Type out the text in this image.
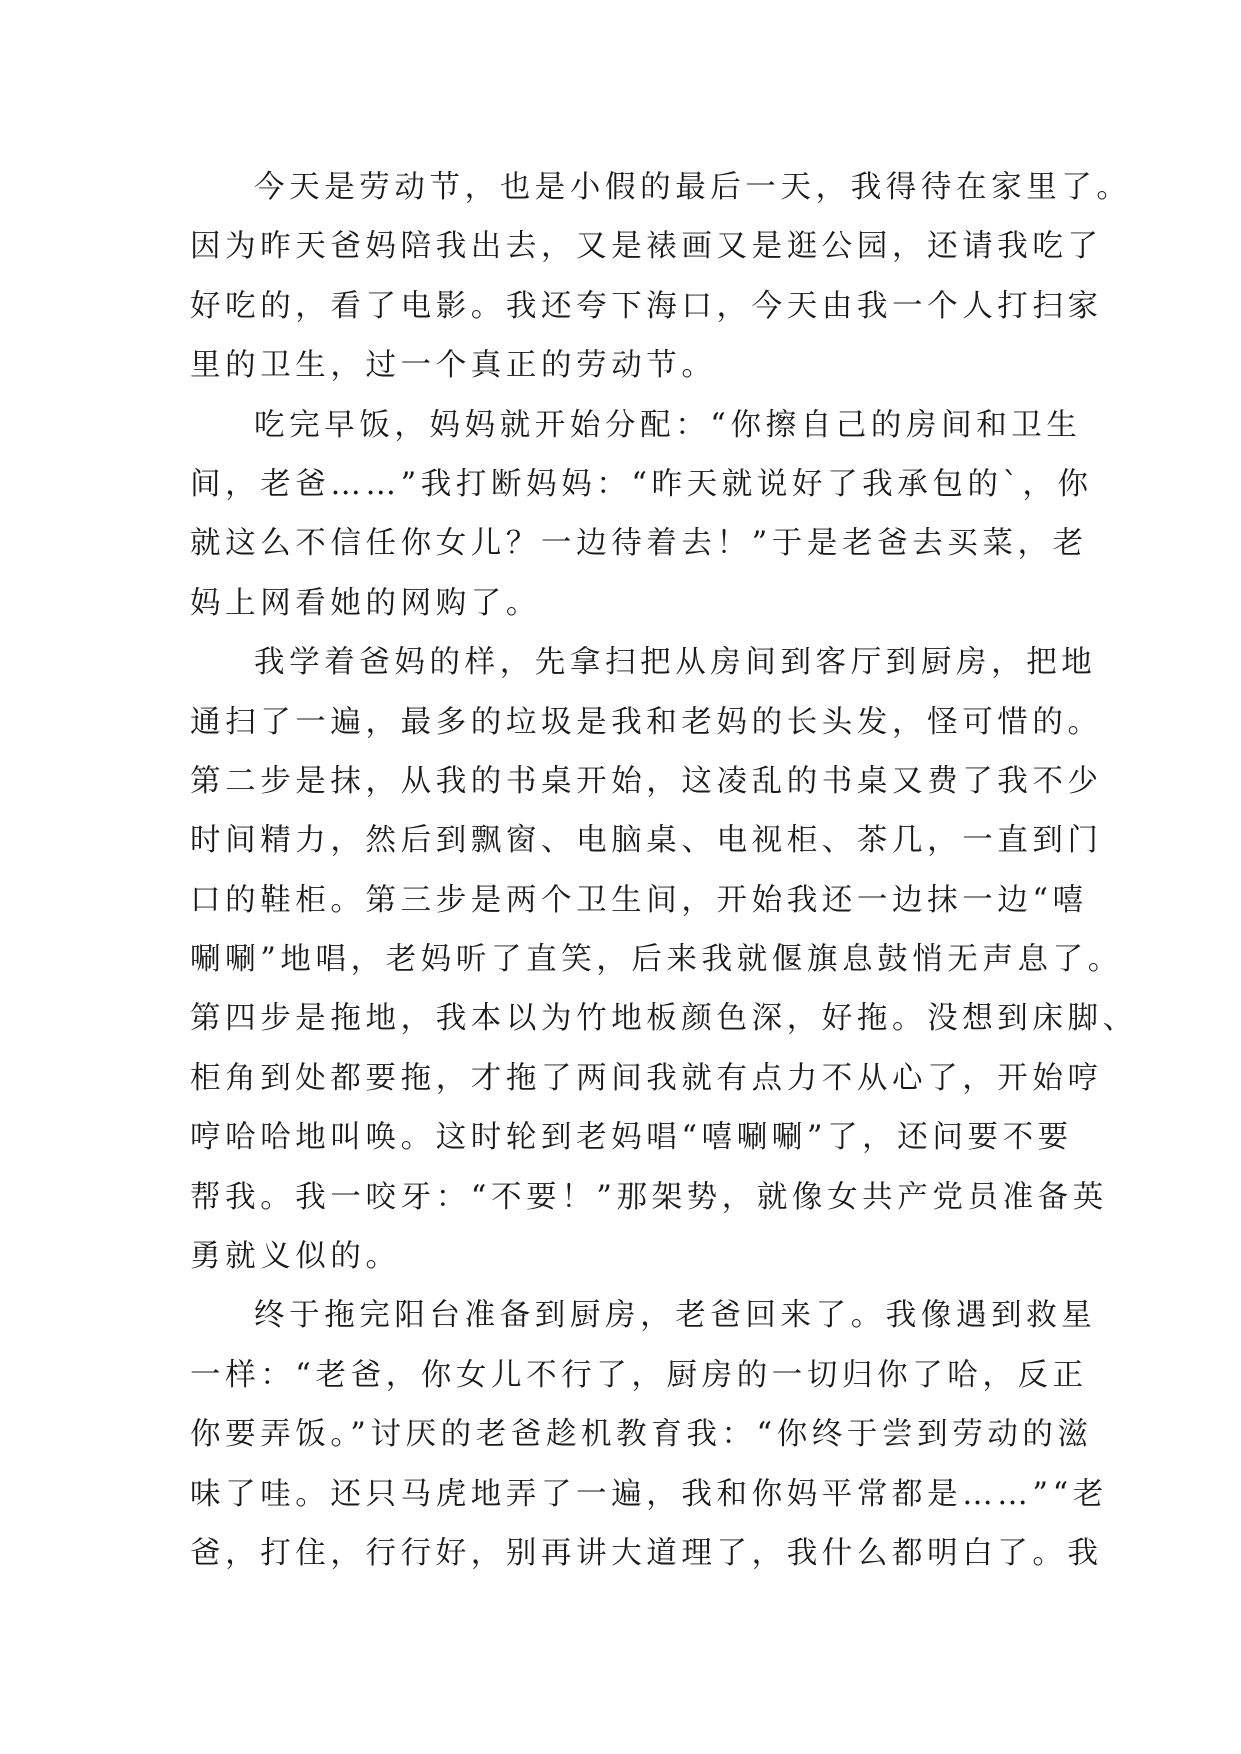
今天是劳动节，也是小假的最后一天，我得待在家里了。
因为昨天爸妈陪我出去，又是裱画又是逛公园，还请我吃了
好吃的，看了电影。我还夸下海口，今天由我一个人打扫家
里的卫生，过一个真正的劳动节。
吃完早饭，妈妈就开始分配：“你擦自己的房间和卫生
间，老爸……”我打断妈妈：“昨天就说好了我承包的`，你
就这么不信任你女儿？一边待着去！”于是老爸去买菜，老
妈上网看她的网购了。
我学着爸妈的样，先拿扫把从房间到客厅到厨房，把地
通扫了一遍，最多的垃圾是我和老妈的长头发，怪可惜的。
第二步是抹，从我的书桌开始，这凌乱的书桌又费了我不少
时间精力，然后到飘窗、电脑桌、电视柜、茶几，一直到门
口的鞋柜。第三步是两个卫生间，开始我还一边抹一边“嘻
唰唰”地唱，老妈听了直笑，后来我就偃旗息鼓悄无声息了。
第四步是拖地，我本以为竹地板颜色深，好拖。没想到床脚、
柜角到处都要拖，才拖了两间我就有点力不从心了，开始哼
哼哈哈地叫唤。这时轮到老妈唱“嘻唰唰”了，还问要不要
帮我。我一咬牙：“不要！”那架势，就像女共产党员准备英
勇就义似的。
终于拖完阳台准备到厨房，老爸回来了。我像遇到救星
一样：“老爸，你女儿不行了，厨房的一切归你了哈，反正
你要弄饭。”讨厌的老爸趁机教育我：“你终于尝到劳动的滋
味了哇。还只马虎地弄了一遍，我和你妈平常都是……”“老
爸，打住，行行好，别再讲大道理了，我什么都明白了。我
